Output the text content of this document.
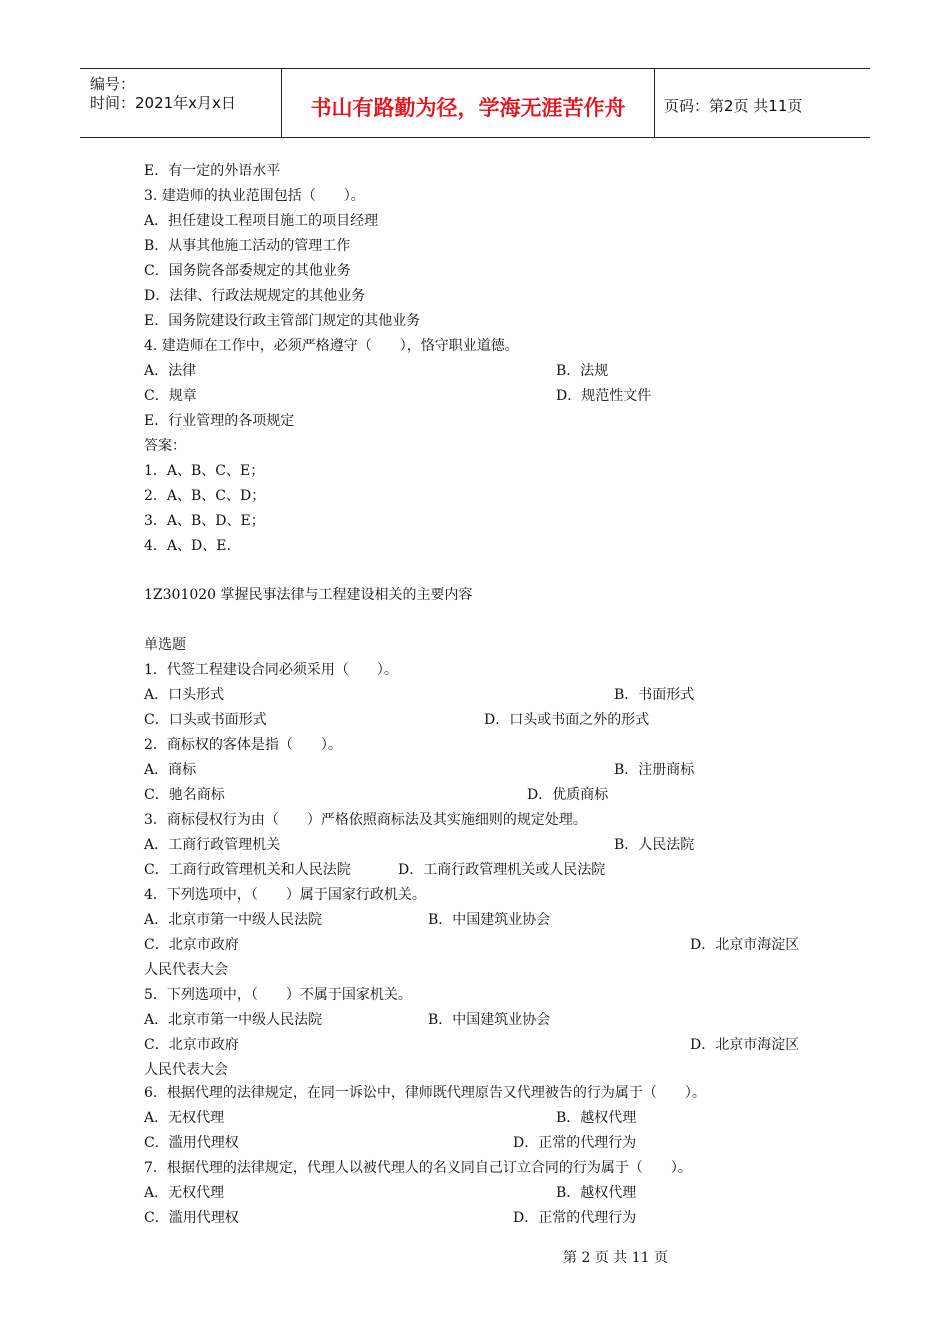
编号：
时间：2021年x月x日	书山有路勤为径，学海无涯苦作舟	页码：第2页 共11页
E．有一定的外语水平
3. 建造师的执业范围包括（　　）。
A．担任建设工程项目施工的项目经理
B．从事其他施工活动的管理工作
C．国务院各部委规定的其他业务
D．法律、行政法规规定的其他业务
E．国务院建设行政主管部门规定的其他业务
4. 建造师在工作中，必须严格遵守（　　），恪守职业道德。
A．法律	B．法规
C．规章	D．规范性文件
E．行业管理的各项规定
答案：
1．A、B、C、E；
2．A、B、C、D；
3．A、B、D、E；
4．A、D、E.
1Z301020 掌握民事法律与工程建设相关的主要内容
单选题
1．代签工程建设合同必须采用（　　）。
A．口头形式	B．书面形式
C．口头或书面形式	D．口头或书面之外的形式
2．商标权的客体是指（　　）。
A．商标	B．注册商标
C．驰名商标	D．优质商标
3．商标侵权行为由（　　）严格依照商标法及其实施细则的规定处理。
A．工商行政管理机关	B．人民法院
C．工商行政管理机关和人民法院	D．工商行政管理机关或人民法院
4．下列选项中，（　　）属于国家行政机关。
A．北京市第一中级人民法院	B．中国建筑业协会
C．北京市政府	D．北京市海淀区
人民代表大会
5．下列选项中，（　　）不属于国家机关。
A．北京市第一中级人民法院	B．中国建筑业协会
C．北京市政府	D．北京市海淀区
人民代表大会
6．根据代理的法律规定，在同一诉讼中，律师既代理原告又代理被告的行为属于（　　）。
A．无权代理	B．越权代理
C．滥用代理权	D．正常的代理行为
7．根据代理的法律规定，代理人以被代理人的名义同自己订立合同的行为属于（　　）。
A．无权代理	B．越权代理
C．滥用代理权	D．正常的代理行为
第 2 页 共 11 页
